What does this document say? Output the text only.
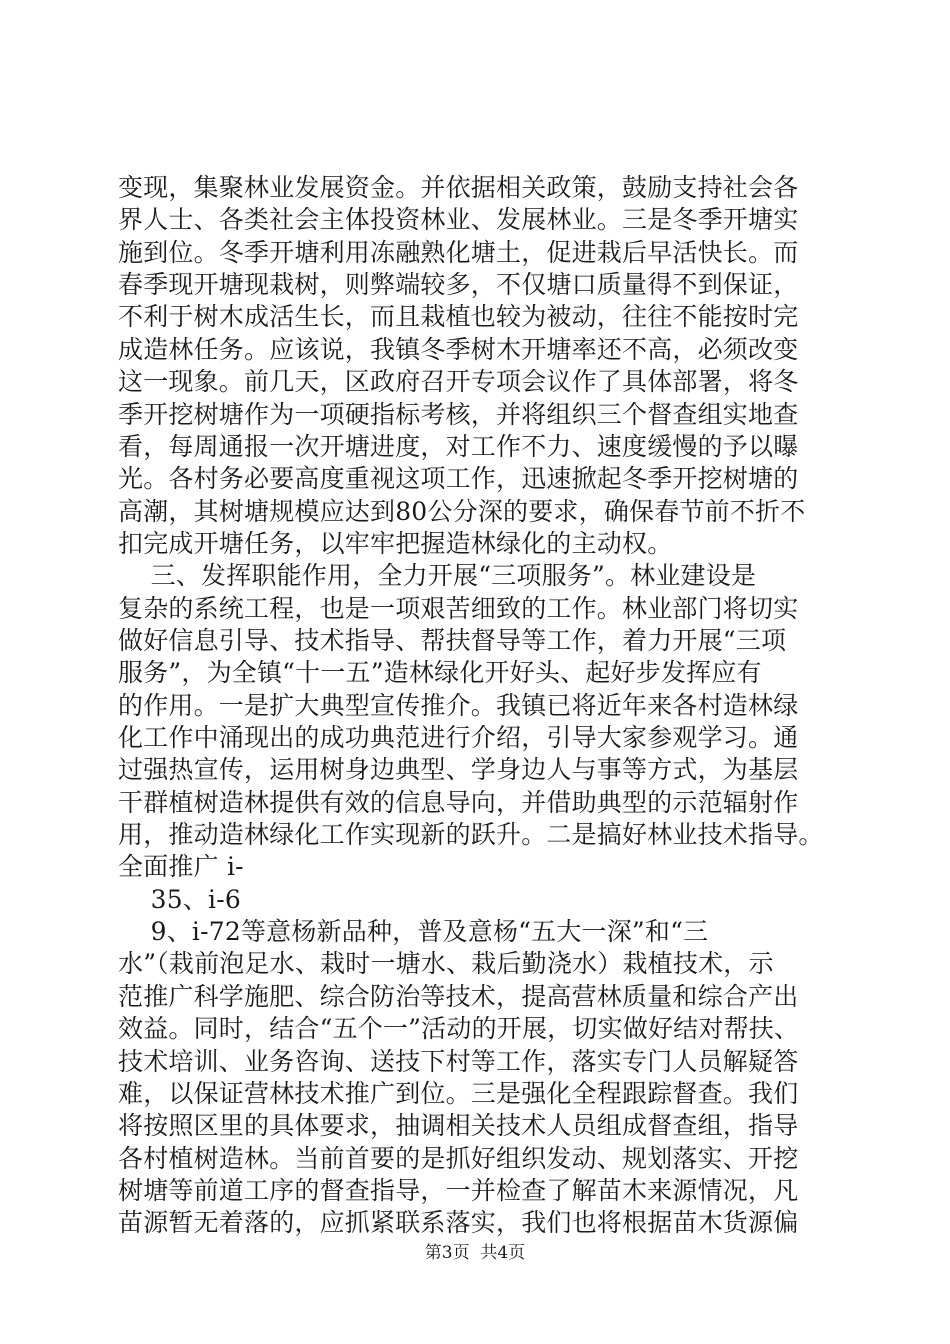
变现，集聚林业发展资金。并依据相关政策，鼓励支持社会各
界人士、各类社会主体投资林业、发展林业。三是冬季开塘实
施到位。冬季开塘利用冻融熟化塘土，促进栽后早活快长。而
春季现开塘现栽树，则弊端较多，不仅塘口质量得不到保证，
不利于树木成活生长，而且栽植也较为被动，往往不能按时完
成造林任务。应该说，我镇冬季树木开塘率还不高，必须改变
这一现象。前几天，区政府召开专项会议作了具体部署，将冬
季开挖树塘作为一项硬指标考核，并将组织三个督查组实地查
看，每周通报一次开塘进度，对工作不力、速度缓慢的予以曝
光。各村务必要高度重视这项工作，迅速掀起冬季开挖树塘的
高潮，其树塘规模应达到80公分深的要求，确保春节前不折不
扣完成开塘任务，以牢牢把握造林绿化的主动权。
三、发挥职能作用，全力开展“三项服务”。林业建设是
复杂的系统工程，也是一项艰苦细致的工作。林业部门将切实
做好信息引导、技术指导、帮扶督导等工作，着力开展“三项
服务”，为全镇“十一五”造林绿化开好头、起好步发挥应有
的作用。一是扩大典型宣传推介。我镇已将近年来各村造林绿
化工作中涌现出的成功典范进行介绍，引导大家参观学习。通
过强热宣传，运用树身边典型、学身边人与事等方式，为基层
干群植树造林提供有效的信息导向，并借助典型的示范辐射作
用，推动造林绿化工作实现新的跃升。二是搞好林业技术指导。
全面推广 i-
35、i-6
9、i-72等意杨新品种，普及意杨“五大一深”和“三
水”（栽前泡足水、栽时一塘水、栽后勤浇水）栽植技术，示
范推广科学施肥、综合防治等技术，提高营林质量和综合产出
效益。同时，结合“五个一”活动的开展，切实做好结对帮扶、
技术培训、业务咨询、送技下村等工作，落实专门人员解疑答
难，以保证营林技术推广到位。三是强化全程跟踪督查。我们
将按照区里的具体要求，抽调相关技术人员组成督查组，指导
各村植树造林。当前首要的是抓好组织发动、规划落实、开挖
树塘等前道工序的督查指导，一并检查了解苗木来源情况，凡
苗源暂无着落的，应抓紧联系落实，我们也将根据苗木货源偏
第3页  共4页
